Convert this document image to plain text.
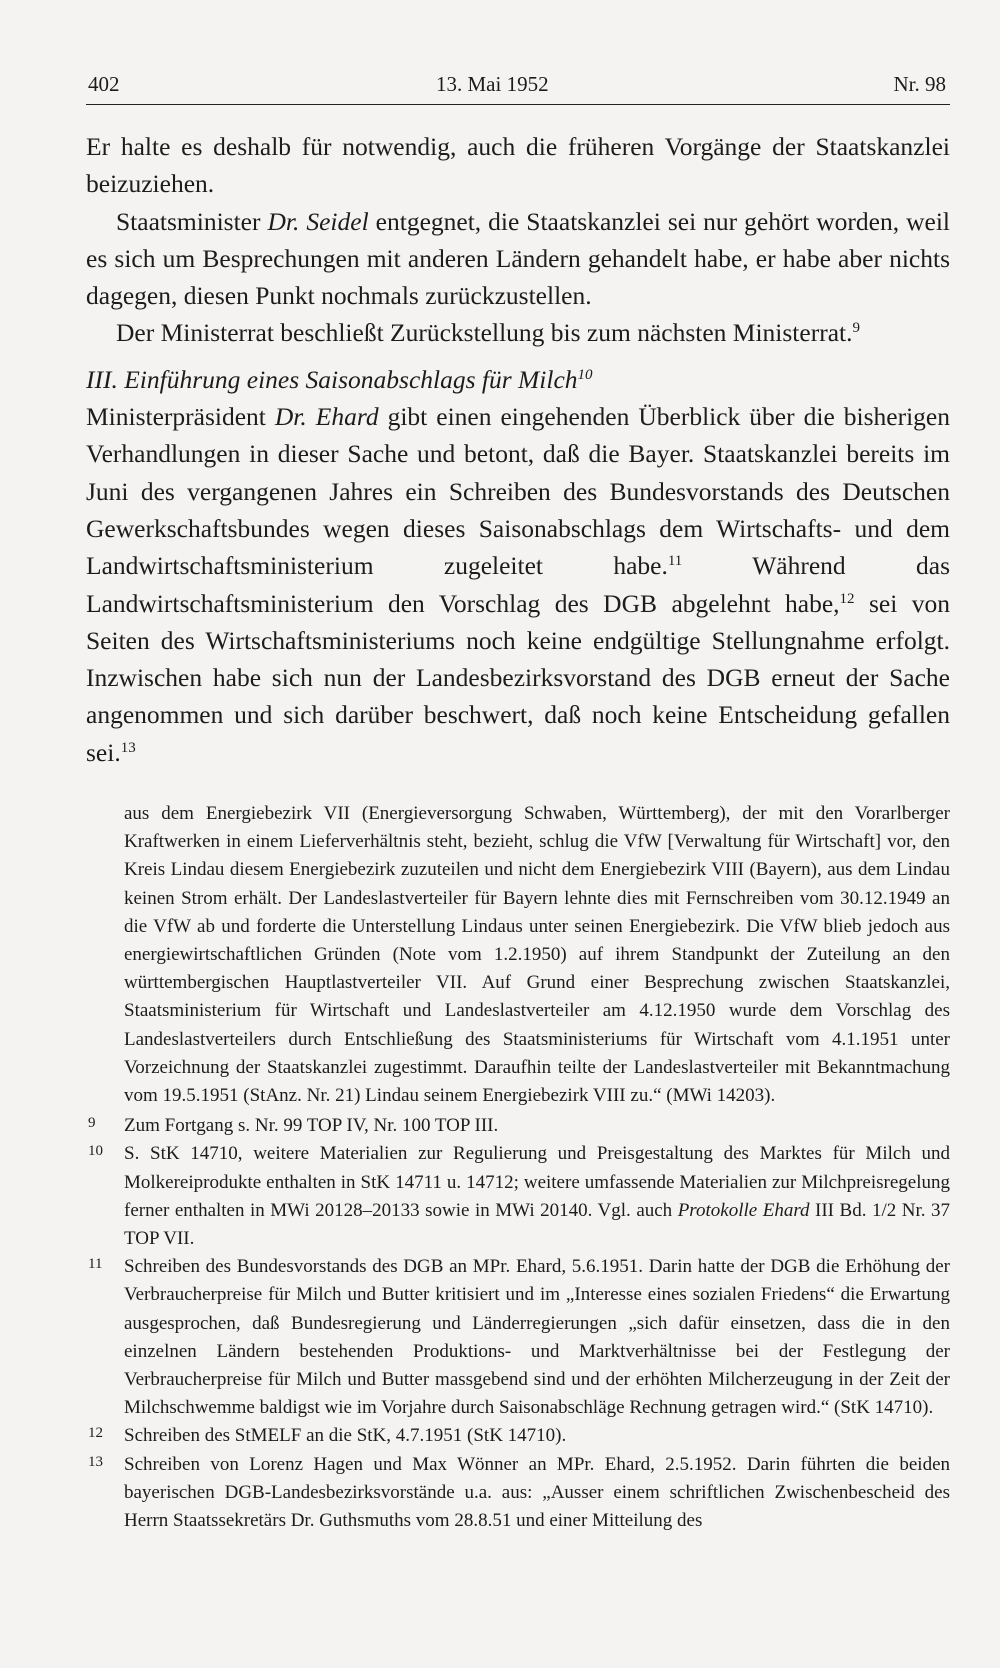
402	13. Mai 1952	Nr. 98

Er halte es deshalb für notwendig, auch die früheren Vorgänge der Staatskanzlei beizuziehen.

Staatsminister Dr. Seidel entgegnet, die Staatskanzlei sei nur gehört worden, weil es sich um Besprechungen mit anderen Ländern gehandelt habe, er habe aber nichts dagegen, diesen Punkt nochmals zurückzustellen.

Der Ministerrat beschließt Zurückstellung bis zum nächsten Ministerrat.$^9$

III. Einführung eines Saisonabschlags für Milch$^{10}$

Ministerpräsident Dr. Ehard gibt einen eingehenden Überblick über die bisherigen Verhandlungen in dieser Sache und betont, daß die Bayer. Staatskanzlei bereits im Juni des vergangenen Jahres ein Schreiben des Bundesvorstands des Deutschen Gewerkschaftsbundes wegen dieses Saisonabschlags dem Wirtschafts- und dem Landwirtschaftsministerium zugeleitet habe.$^{11}$ Während das Landwirtschaftsministerium den Vorschlag des DGB abgelehnt habe,$^{12}$ sei von Seiten des Wirtschaftsministeriums noch keine endgültige Stellungnahme erfolgt. Inzwischen habe sich nun der Landesbezirksvorstand des DGB erneut der Sache angenommen und sich darüber beschwert, daß noch keine Entscheidung gefallen sei.$^{13}$

aus dem Energiebezirk VII (Energieversorgung Schwaben, Württemberg), der mit den Vorarlberger Kraftwerken in einem Lieferverhältnis steht, bezieht, schlug die VfW [Verwaltung für Wirtschaft] vor, den Kreis Lindau diesem Energiebezirk zuzuteilen und nicht dem Energiebezirk VIII (Bayern), aus dem Lindau keinen Strom erhält. Der Landeslastverteiler für Bayern lehnte dies mit Fernschreiben vom 30.12.1949 an die VfW ab und forderte die Unterstellung Lindaus unter seinen Energiebezirk. Die VfW blieb jedoch aus energiewirtschaftlichen Gründen (Note vom 1.2.1950) auf ihrem Standpunkt der Zuteilung an den württembergischen Hauptlastverteiler VII. Auf Grund einer Besprechung zwischen Staatskanzlei, Staatsministerium für Wirtschaft und Landeslastverteiler am 4.12.1950 wurde dem Vorschlag des Landeslastverteilers durch Entschließung des Staatsministeriums für Wirtschaft vom 4.1.1951 unter Vorzeichnung der Staatskanzlei zugestimmt. Daraufhin teilte der Landeslastverteiler mit Bekanntmachung vom 19.5.1951 (StAnz. Nr. 21) Lindau seinem Energiebezirk VIII zu.“ (MWi 14203).

9 Zum Fortgang s. Nr. 99 TOP IV, Nr. 100 TOP III.

10 S. StK 14710, weitere Materialien zur Regulierung und Preisgestaltung des Marktes für Milch und Molkereiprodukte enthalten in StK 14711 u. 14712; weitere umfassende Materialien zur Milchpreisregelung ferner enthalten in MWi 20128–20133 sowie in MWi 20140. Vgl. auch Protokolle Ehard III Bd. 1/2 Nr. 37 TOP VII.

11 Schreiben des Bundesvorstands des DGB an MPr. Ehard, 5.6.1951. Darin hatte der DGB die Erhöhung der Verbraucherpreise für Milch und Butter kritisiert und im „Interesse eines sozialen Friedens“ die Erwartung ausgesprochen, daß Bundesregierung und Länderregierungen „sich dafür einsetzen, dass die in den einzelnen Ländern bestehenden Produktions- und Marktverhältnisse bei der Festlegung der Verbraucherpreise für Milch und Butter massgebend sind und der erhöhten Milcherzeugung in der Zeit der Milchschwemme baldigst wie im Vorjahre durch Saisonabschläge Rechnung getragen wird.“ (StK 14710).

12 Schreiben des StMELF an die StK, 4.7.1951 (StK 14710).

13 Schreiben von Lorenz Hagen und Max Wönner an MPr. Ehard, 2.5.1952. Darin führten die beiden bayerischen DGB-Landesbezirksvorstände u.a. aus: „Ausser einem schriftlichen Zwischenbescheid des Herrn Staatssekretärs Dr. Guthsmuths vom 28.8.51 und einer Mitteilung des
